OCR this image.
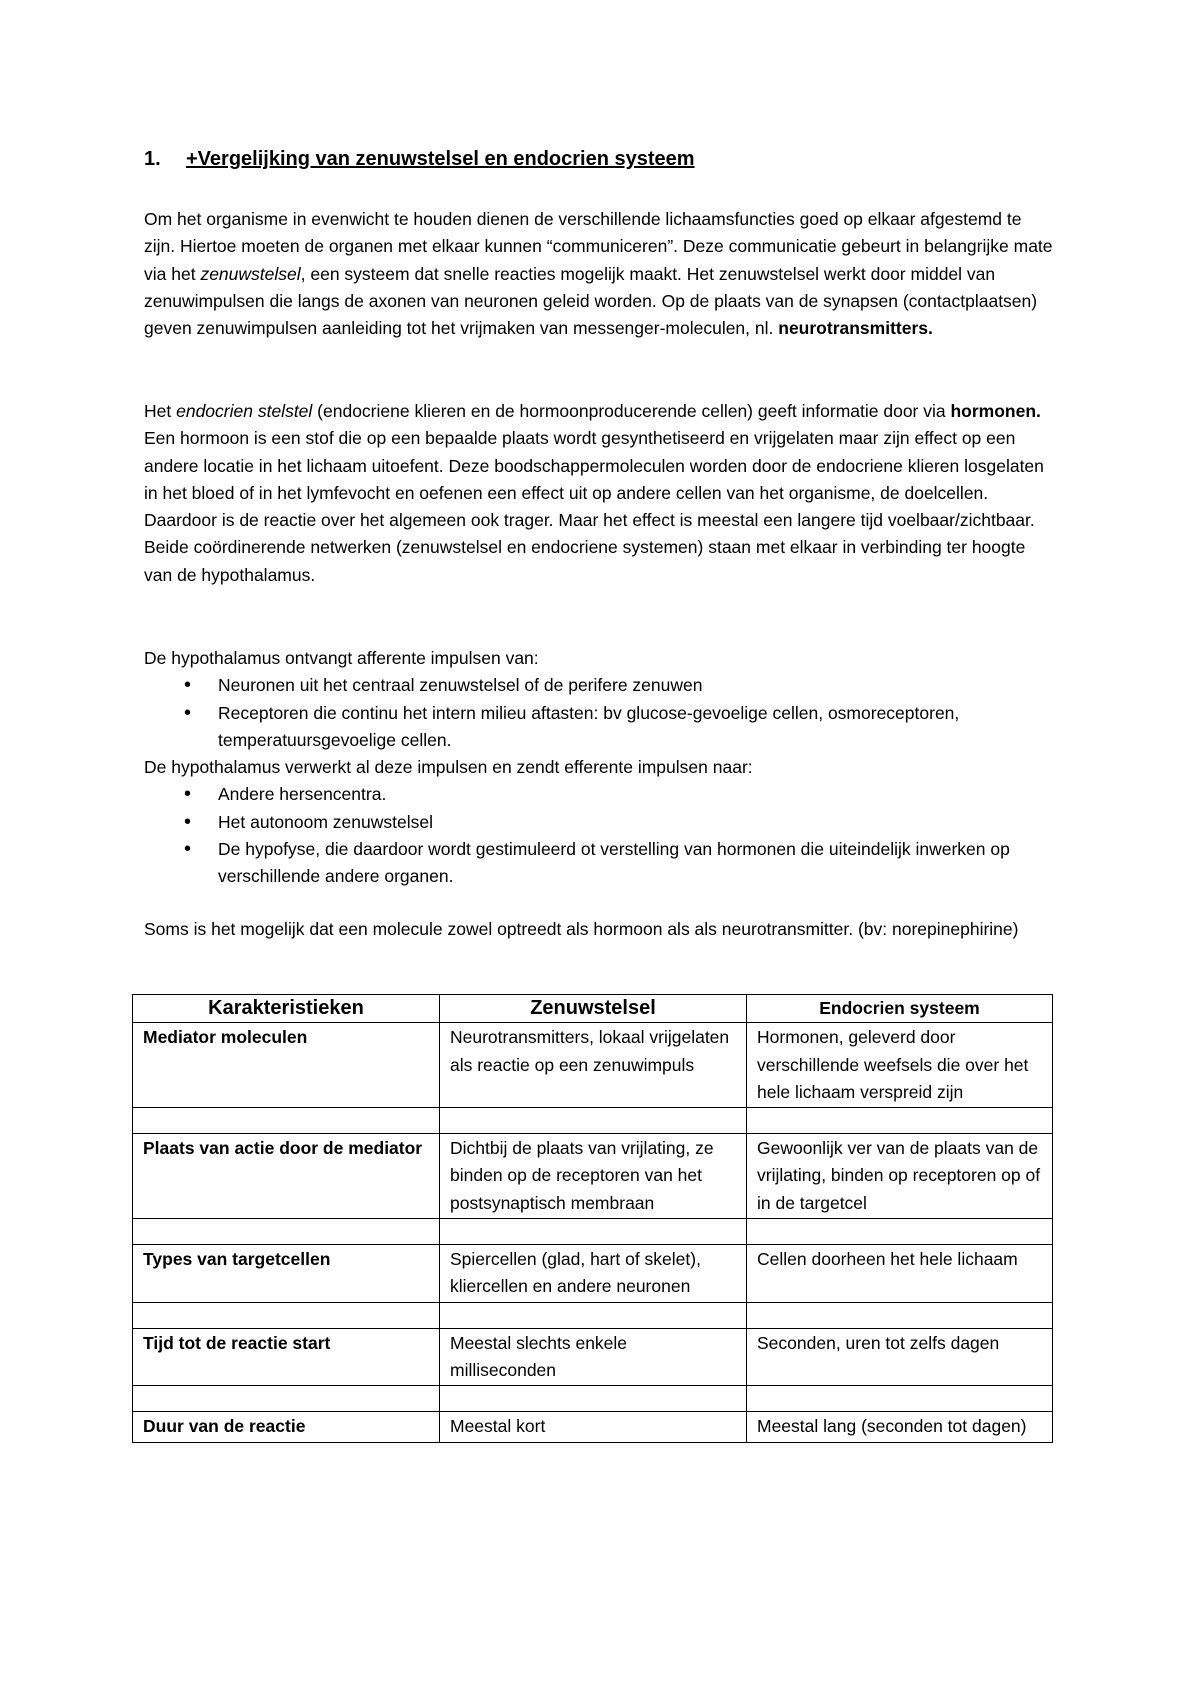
1. +Vergelijking van zenuwstelsel en endocrien systeem

Om het organisme in evenwicht te houden dienen de verschillende lichaamsfuncties goed op elkaar afgestemd te zijn. Hiertoe moeten de organen met elkaar kunnen “communiceren”. Deze communicatie gebeurt in belangrijke mate via het zenuwstelsel, een systeem dat snelle reacties mogelijk maakt. Het zenuwstelsel werkt door middel van zenuwimpulsen die langs de axonen van neuronen geleid worden. Op de plaats van de synapsen (contactplaatsen) geven zenuwimpulsen aanleiding tot het vrijmaken van messenger-moleculen, nl. neurotransmitters.

Het endocrien stelstel (endocriene klieren en de hormoonproducerende cellen) geeft informatie door via hormonen. Een hormoon is een stof die op een bepaalde plaats wordt gesynthetiseerd en vrijgelaten maar zijn effect op een andere locatie in het lichaam uitoefent. Deze boodschappermoleculen worden door de endocriene klieren losgelaten in het bloed of in het lymfevocht en oefenen een effect uit op andere cellen van het organisme, de doelcellen. Daardoor is de reactie over het algemeen ook trager. Maar het effect is meestal een langere tijd voelbaar/zichtbaar. Beide coördinerende netwerken (zenuwstelsel en endocriene systemen) staan met elkaar in verbinding ter hoogte van de hypothalamus.

De hypothalamus ontvangt afferente impulsen van:

• Neuronen uit het centraal zenuwstelsel of de perifere zenuwen
• Receptoren die continu het intern milieu aftasten: bv glucose-gevoelige cellen, osmoreceptoren, temperatuursgevoelige cellen.

De hypothalamus verwerkt al deze impulsen en zendt efferente impulsen naar:

• Andere hersencentra.
• Het autonoom zenuwstelsel
• De hypofyse, die daardoor wordt gestimuleerd ot verstelling van hormonen die uiteindelijk inwerken op verschillende andere organen.

Soms is het mogelijk dat een molecule zowel optreedt als hormoon als als neurotransmitter. (bv: norepinephirine)

Karakteristieken	Zenuwstelsel	Endocrien systeem
Mediator moleculen	Neurotransmitters, lokaal vrijgelaten als reactie op een zenuwimpuls	Hormonen, geleverd door verschillende weefsels die over het hele lichaam verspreid zijn

Plaats van actie door de mediator	Dichtbij de plaats van vrijlating, ze binden op de receptoren van het postsynaptisch membraan	Gewoonlijk ver van de plaats van de vrijlating, binden op receptoren op of in de targetcel

Types van targetcellen	Spiercellen (glad, hart of skelet), kliercellen en andere neuronen	Cellen doorheen het hele lichaam

Tijd tot de reactie start	Meestal slechts enkele milliseconden	Seconden, uren tot zelfs dagen

Duur van de reactie	Meestal kort	Meestal lang (seconden tot dagen)
